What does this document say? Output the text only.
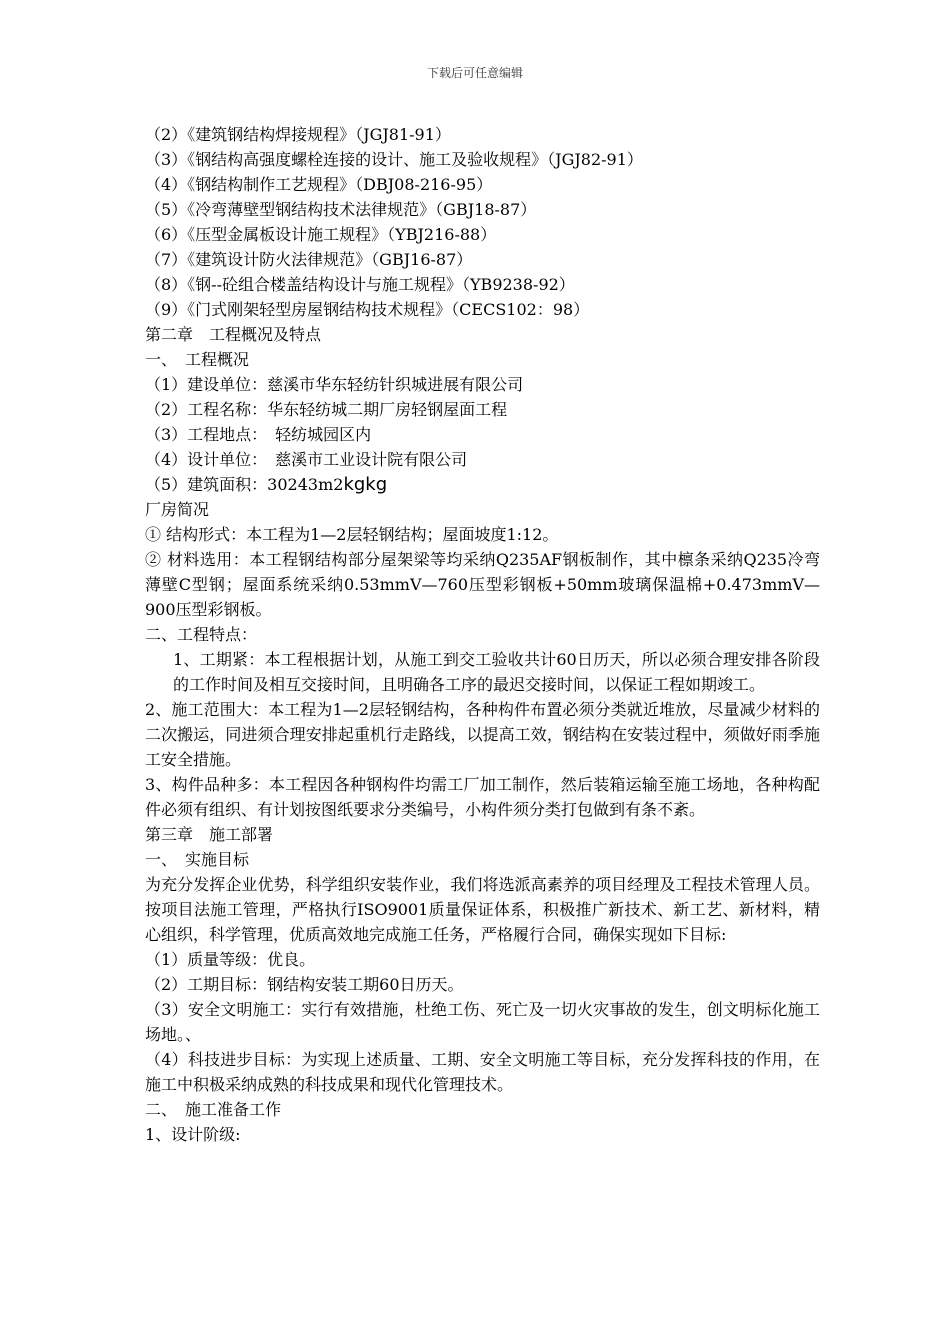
下载后可任意编辑
（2）《建筑钢结构焊接规程》（JGJ81-91）
（3）《钢结构高强度螺栓连接的设计、施工及验收规程》（JGJ82-91）
（4）《钢结构制作工艺规程》（DBJ08-216-95）
（5）《冷弯薄壁型钢结构技术法律规范》（GBJ18-87）
（6）《压型金属板设计施工规程》（YBJ216-88）
（7）《建筑设计防火法律规范》（GBJ16-87）
（8）《钢--砼组合楼盖结构设计与施工规程》（YB9238-92）
（9）《门式刚架轻型房屋钢结构技术规程》（CECS102：98）
第二章　工程概况及特点
一、　工程概况
（1）建设单位：慈溪市华东轻纺针织城进展有限公司
（2）工程名称：华东轻纺城二期厂房轻钢屋面工程
（3）工程地点：　轻纺城园区内
（4）设计单位：　慈溪市工业设计院有限公司
（5）建筑面积：30243m2kgkg
厂房简况
① 结构形式：本工程为1—2层轻钢结构；屋面坡度1:12。
② 材料选用：本工程钢结构部分屋架梁等均采纳Q235AF钢板制作，其中檩条采纳Q235冷弯薄壁C型钢；屋面系统采纳0.53mmV—760压型彩钢板+50mm玻璃保温棉+0.473mmV—900压型彩钢板。
二、工程特点：
1、工期紧：本工程根据计划，从施工到交工验收共计60日历天，所以必须合理安排各阶段的工作时间及相互交接时间，且明确各工序的最迟交接时间，以保证工程如期竣工。
2、施工范围大：本工程为1—2层轻钢结构，各种构件布置必须分类就近堆放，尽量减少材料的二次搬运，同进须合理安排起重机行走路线，以提高工效，钢结构在安装过程中，须做好雨季施工安全措施。
3、构件品种多：本工程因各种钢构件均需工厂加工制作，然后装箱运输至施工场地，各种构配件必须有组织、有计划按图纸要求分类编号，小构件须分类打包做到有条不紊。
第三章　施工部署
一、　实施目标
为充分发挥企业优势，科学组织安装作业，我们将选派高素养的项目经理及工程技术管理人员。按项目法施工管理，严格执行ISO9001质量保证体系，积极推广新技术、新工艺、新材料，精心组织，科学管理，优质高效地完成施工任务，严格履行合同，确保实现如下目标:
（1）质量等级：优良。
（2）工期目标：钢结构安装工期60日历天。
（3）安全文明施工：实行有效措施，杜绝工伤、死亡及一切火灾事故的发生，创文明标化施工场地。、
（4）科技进步目标：为实现上述质量、工期、安全文明施工等目标，充分发挥科技的作用，在施工中积极采纳成熟的科技成果和现代化管理技术。
二、　施工准备工作
1、设计阶级:
